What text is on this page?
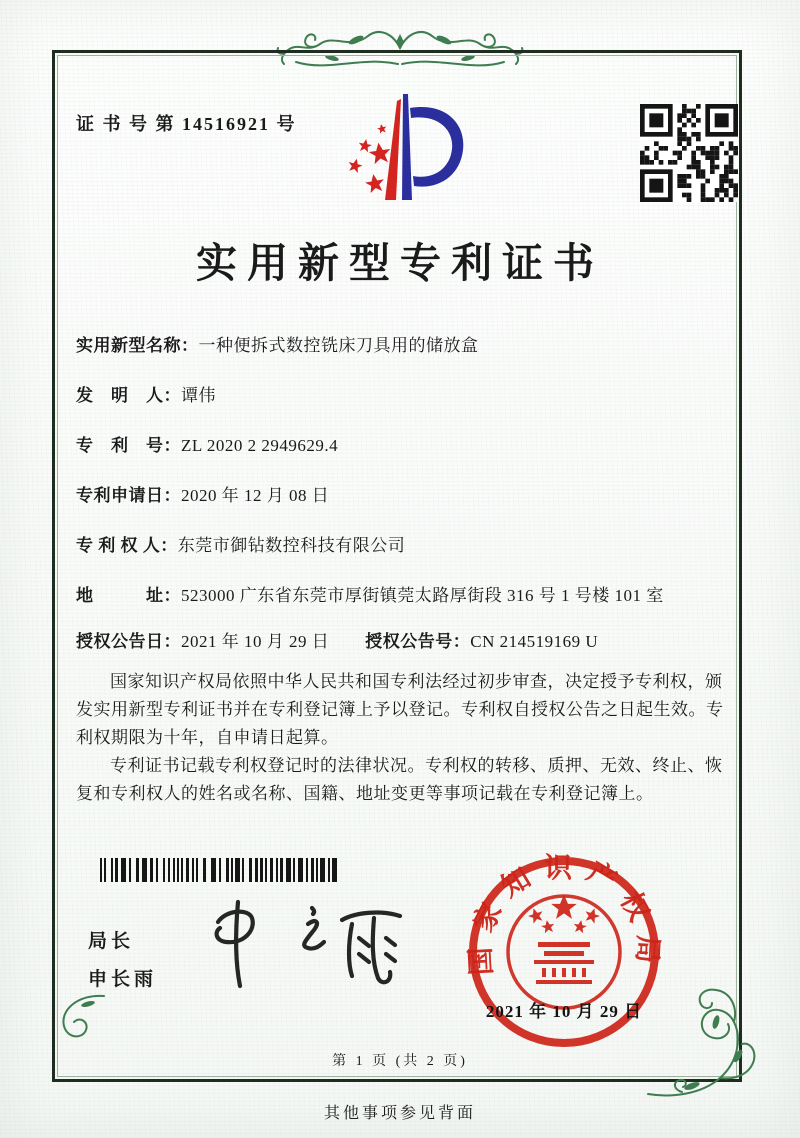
证 书 号 第 14516921 号
实用新型专利证书
实用新型名称： 一种便拆式数控铣床刀具用的储放盒
发　明　人： 谭伟
专　利　号： ZL 2020 2 2949629.4
专利申请日： 2020 年 12 月 08 日
专 利 权 人： 东莞市御钻数控科技有限公司
地　　　址： 523000 广东省东莞市厚街镇莞太路厚街段 316 号 1 号楼 101 室
授权公告日： 2021 年 10 月 29 日 授权公告号： CN 214519169 U

国家知识产权局依照中华人民共和国专利法经过初步审查，决定授予专利权，颁发实用新型专利证书并在专利登记簿上予以登记。专利权自授权公告之日起生效。专利权期限为十年，自申请日起算。

专利证书记载专利权登记时的法律状况。专利权的转移、质押、无效、终止、恢复和专利权人的姓名或名称、国籍、地址变更等事项记载在专利登记簿上。

局长
申长雨
国家知识产权局
2021 年 10 月 29 日
第 1 页 (共 2 页)
其他事项参见背面
